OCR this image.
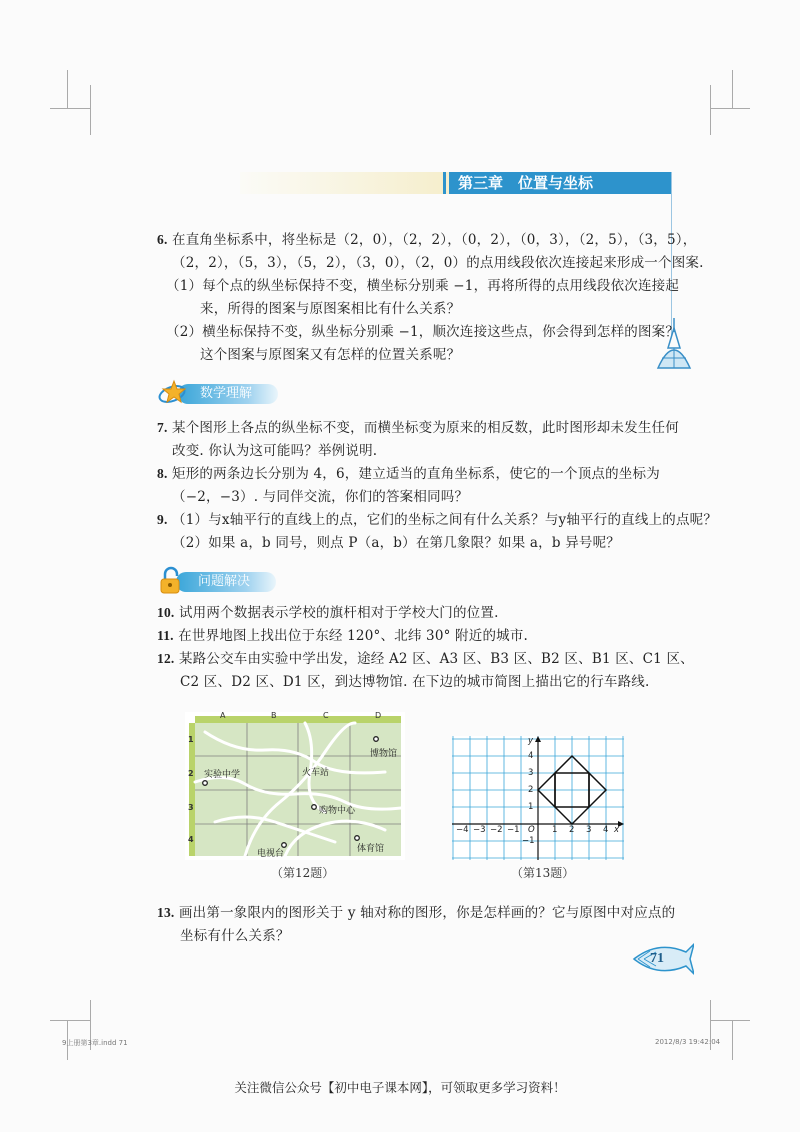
第三章　位置与坐标
6. 在直角坐标系中，将坐标是（2，0），（2，2），（0，2），（0，3），（2，5），（3，5），
（2，2），（5，3），（5，2），（3，0），（2，0）的点用线段依次连接起来形成一个图案.
（1）每个点的纵坐标保持不变，横坐标分别乘 −1，再将所得的点用线段依次连接起
来，所得的图案与原图案相比有什么关系？
（2）横坐标保持不变，纵坐标分别乘 −1，顺次连接这些点，你会得到怎样的图案？
这个图案与原图案又有怎样的位置关系呢？
数学理解
7. 某个图形上各点的纵坐标不变，而横坐标变为原来的相反数，此时图形却未发生任何
改变. 你认为这可能吗？举例说明.
8. 矩形的两条边长分别为 4，6，建立适当的直角坐标系，使它的一个顶点的坐标为
（−2，−3）. 与同伴交流，你们的答案相同吗？
9. （1）与x轴平行的直线上的点，它们的坐标之间有什么关系？与y轴平行的直线上的点呢？
（2）如果 a，b 同号，则点 P（a，b）在第几象限？如果 a，b 异号呢？
问题解决
10. 试用两个数据表示学校的旗杆相对于学校大门的位置.
11. 在世界地图上找出位于东经 120°、北纬 30° 附近的城市.
12. 某路公交车由实验中学出发，途经 A2 区、A3 区、B3 区、B2 区、B1 区、C1 区、
C2 区、D2 区、D1 区，到达博物馆. 在下边的城市简图上描出它的行车路线.
A	B	C	D
1
2
3
4
博物馆
实验中学	火车站
购物中心
体育馆
电视台
（第12题）
−4 −3 −2 −1 O 1 2 3 4 x
y
4
3
2
1
−1
（第13题）
13. 画出第一象限内的图形关于 y 轴对称的图形，你是怎样画的？它与原图中对应点的
坐标有什么关系？
71
9上册第3章.indd 71	2012/8/3 19:42:04
关注微信公众号【初中电子课本网】，可领取更多学习资料！
